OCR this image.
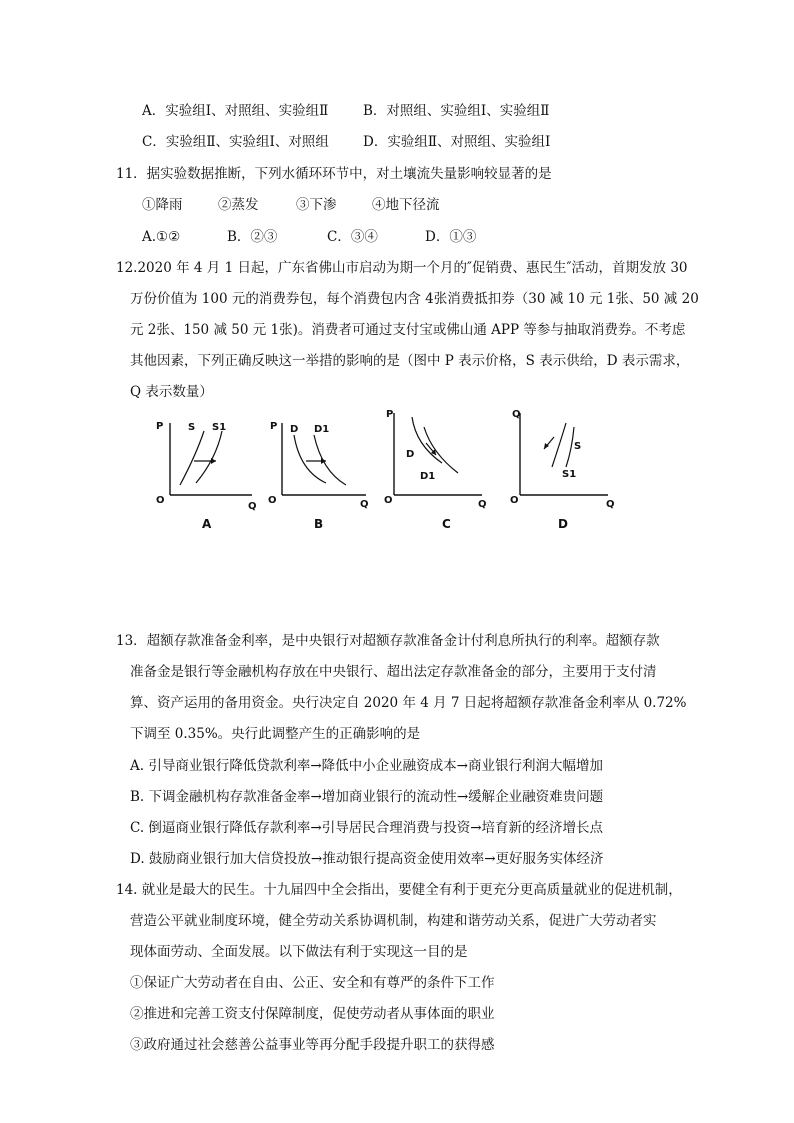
A．实验组Ⅰ、对照组、实验组Ⅱ	B．对照组、实验组Ⅰ、实验组Ⅱ
C．实验组Ⅱ、实验组Ⅰ、对照组	D．实验组Ⅱ、对照组、实验组Ⅰ
11．据实验数据推断，下列水循环环节中，对土壤流失量影响较显著的是
①降雨	②蒸发	③下渗	④地下径流
A.①②	B．②③	C．③④	D．①③
12.2020 年 4 月 1 日起，广东省佛山市启动为期一个月的″促销费、惠民生″活动，首期发放 30
万份价值为 100 元的消费券包，每个消费包内含 4张消费抵扣券（30 减 10 元 1张、50 减 20
元 2张、150 减 50 元 1张)。消费者可通过支付宝或佛山通 APP 等参与抽取消费券。不考虑
其他因素，下列正确反映这一举措的影响的是（图中 P 表示价格，S 表示供给，D 表示需求，
Q 表示数量）
P S S1
O
Q
A
P D D1
O	Q
B
P
D
D1
O	Q
C
Q
S
S1
O	Q
D
13．超额存款准备金利率，是中央银行对超额存款准备金计付利息所执行的利率。超额存款
准备金是银行等金融机构存放在中央银行、超出法定存款准备金的部分，主要用于支付清
算、资产运用的备用资金。央行决定自 2020 年 4 月 7 日起将超额存款准备金利率从 0.72%
下调至 0.35%。央行此调整产生的正确影响的是
A. 引导商业银行降低贷款利率→降低中小企业融资成本→商业银行利润大幅增加
B. 下调金融机构存款准备金率→增加商业银行的流动性→缓解企业融资难贵问题
C. 倒逼商业银行降低存款利率→引导居民合理消费与投资→培育新的经济增长点
D. 鼓励商业银行加大信贷投放→推动银行提高资金使用效率→更好服务实体经济
14. 就业是最大的民生。十九届四中全会指出，要健全有利于更充分更高质量就业的促进机制，
营造公平就业制度环境，健全劳动关系协调机制，构建和谐劳动关系，促进广大劳动者实
现体面劳动、全面发展。以下做法有利于实现这一目的是
①保证广大劳动者在自由、公正、安全和有尊严的条件下工作
②推进和完善工资支付保障制度，促使劳动者从事体面的职业
③政府通过社会慈善公益事业等再分配手段提升职工的获得感
